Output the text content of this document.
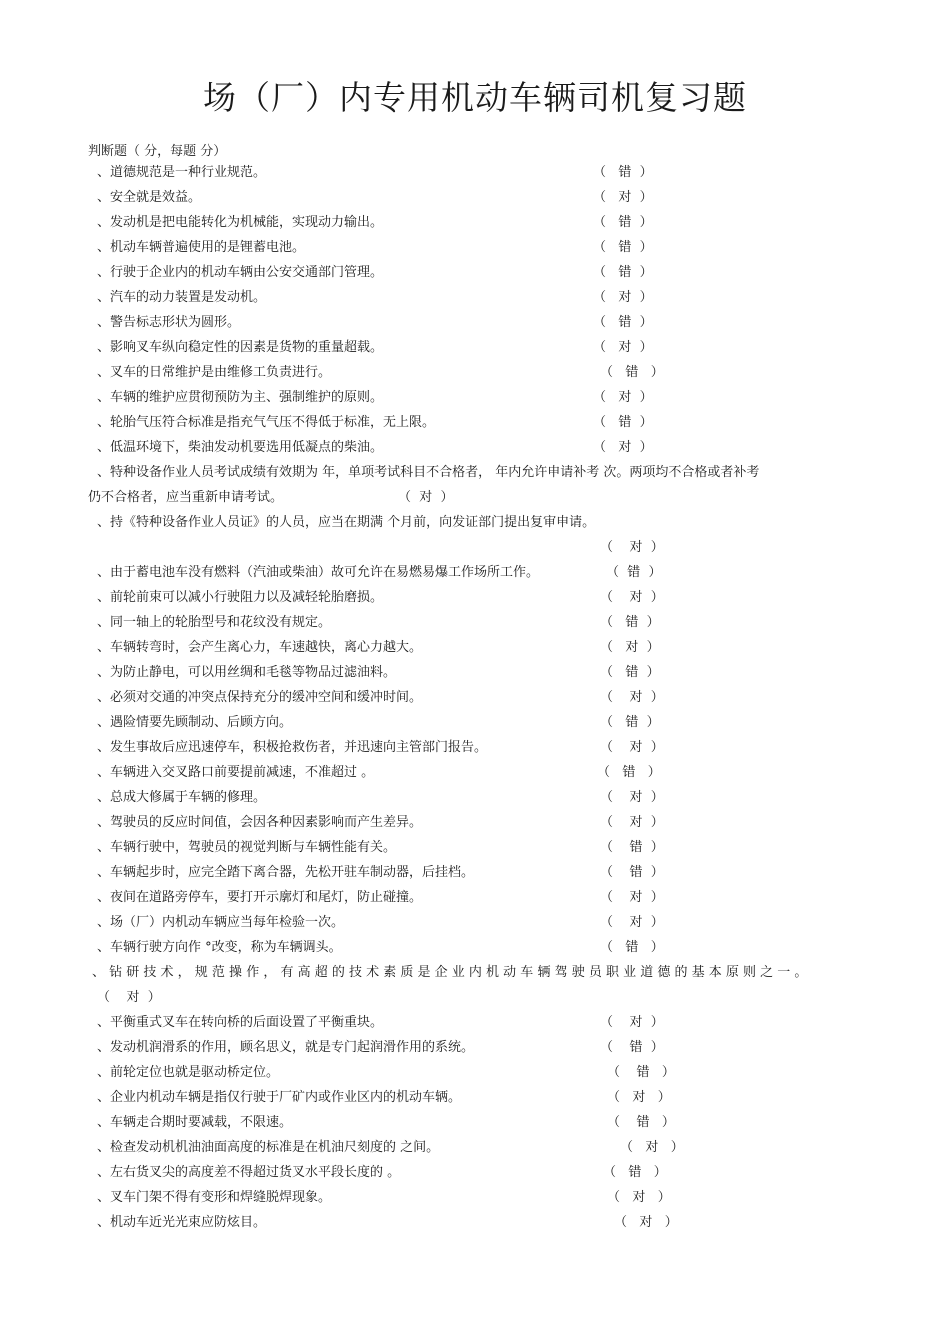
场（厂）内专用机动车辆司机复习题
判断题（ 分，每题 分）
、道德规范是一种行业规范。	（   错  ）
、安全就是效益。	（   对  ）
、发动机是把电能转化为机械能，实现动力输出。	（   错  ）
、机动车辆普遍使用的是锂蓄电池。	（   错  ）
、行驶于企业内的机动车辆由公安交通部门管理。	（   错  ）
、汽车的动力装置是发动机。	（   对  ）
、警告标志形状为圆形。	（   错  ）
、影响叉车纵向稳定性的因素是货物的重量超载。	（   对  ）
、叉车的日常维护是由维修工负责进行。	（   错   ）
、车辆的维护应贯彻预防为主、强制维护的原则。	（   对  ）
、轮胎气压符合标准是指充气气压不得低于标准，无上限。	（   错  ）
、低温环境下，柴油发动机要选用低凝点的柴油。	（   对  ）
、特种设备作业人员考试成绩有效期为 年，单项考试科目不合格者， 年内允许申请补考 次。两项均不合格或者补考
仍不合格者，应当重新申请考试。	（  对  ）
、持《特种设备作业人员证》的人员，应当在期满 个月前，向发证部门提出复审申请。
（    对  ）
、由于蓄电池车没有燃料（汽油或柴油）故可允许在易燃易爆工作场所工作。	（  错  ）
、前轮前束可以减小行驶阻力以及减轻轮胎磨损。	（    对  ）
、同一轴上的轮胎型号和花纹没有规定。	（   错  ）
、车辆转弯时，会产生离心力，车速越快，离心力越大。	（   对  ）
、为防止静电，可以用丝绸和毛毯等物品过滤油料。	（   错  ）
、必须对交通的冲突点保持充分的缓冲空间和缓冲时间。	（    对  ）
、遇险情要先顾制动、后顾方向。	（   错  ）
、发生事故后应迅速停车，积极抢救伤者，并迅速向主管部门报告。	（    对  ）
、车辆进入交叉路口前要提前减速，不准超过 。	（   错   ）
、总成大修属于车辆的修理。	（    对  ）
、驾驶员的反应时间值，会因各种因素影响而产生差异。	（    对  ）
、车辆行驶中，驾驶员的视觉判断与车辆性能有关。	（    错  ）
、车辆起步时，应完全踏下离合器，先松开驻车制动器，后挂档。	（    错  ）
、夜间在道路旁停车，要打开示廓灯和尾灯，防止碰撞。	（    对  ）
、场（厂）内机动车辆应当每年检验一次。	（    对  ）
、车辆行驶方向作 °改变，称为车辆调头。	（   错   ）
、 钻 研 技 术 ， 规 范 操 作 ， 有 高 超 的 技 术 素 质 是 企 业 内 机 动 车 辆 驾 驶 员 职 业 道 德 的 基 本 原 则 之 一 。
（    对  ）
、平衡重式叉车在转向桥的后面设置了平衡重块。	（    对  ）
、发动机润滑系的作用，顾名思义，就是专门起润滑作用的系统。	（    错  ）
、前轮定位也就是驱动桥定位。	（    错   ）
、企业内机动车辆是指仅行驶于厂矿内或作业区内的机动车辆。	（   对   ）
、车辆走合期时要减载，不限速。	（    错   ）
、检查发动机机油油面高度的标准是在机油尺刻度的 之间。	（   对   ）
、左右货叉尖的高度差不得超过货叉水平段长度的 。	（   错   ）
、叉车门架不得有变形和焊缝脱焊现象。	（   对   ）
、机动车近光光束应防炫目。	（   对   ）
